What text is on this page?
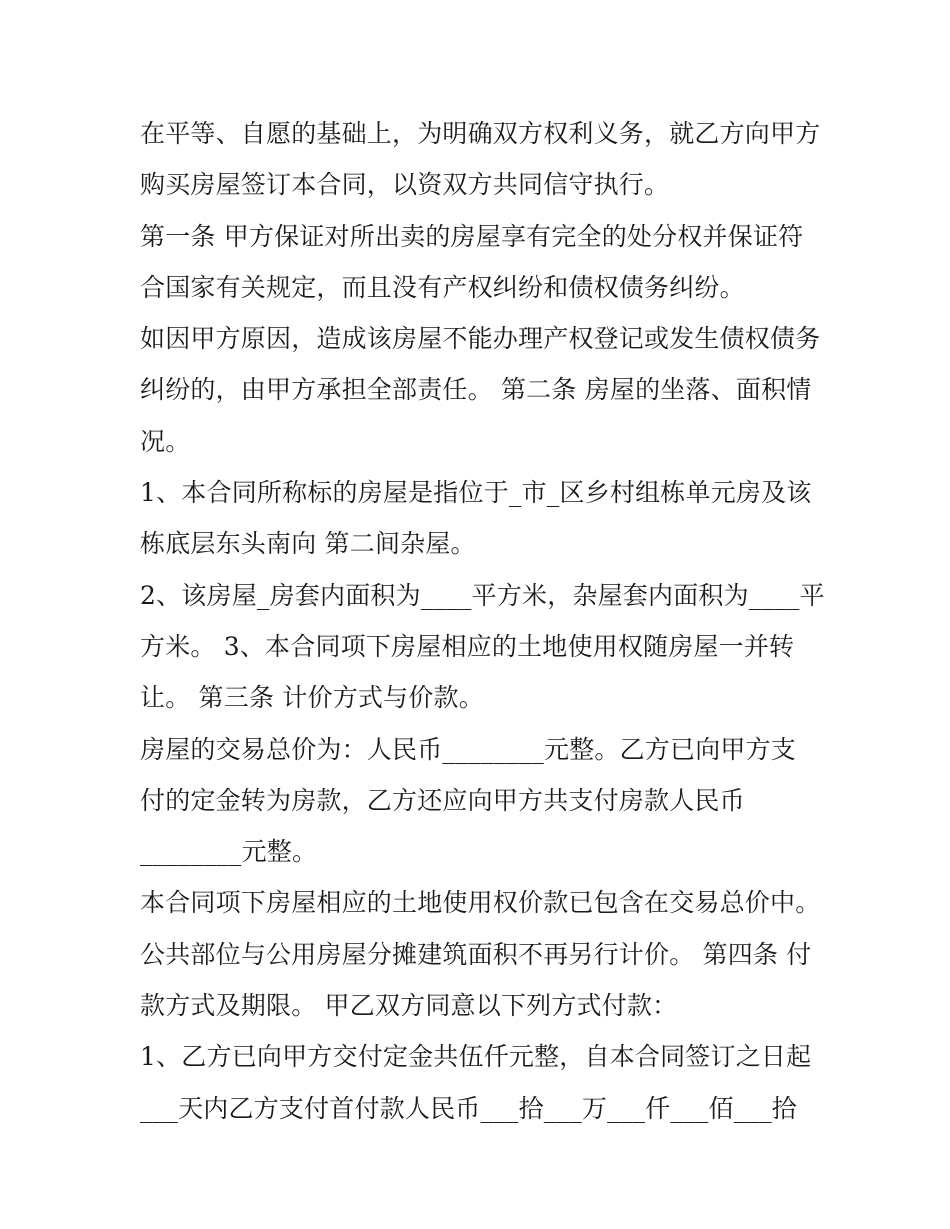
在平等、自愿的基础上，为明确双方权利义务，就乙方向甲方
购买房屋签订本合同，以资双方共同信守执行。
第一条 甲方保证对所出卖的房屋享有完全的处分权并保证符
合国家有关规定，而且没有产权纠纷和债权债务纠纷。
如因甲方原因，造成该房屋不能办理产权登记或发生债权债务
纠纷的，由甲方承担全部责任。 第二条 房屋的坐落、面积情
况。
1、本合同所称标的房屋是指位于_市_区乡村组栋单元房及该
栋底层东头南向 第二间杂屋。
2、该房屋_房套内面积为____平方米，杂屋套内面积为____平
方米。 3、本合同项下房屋相应的土地使用权随房屋一并转
让。 第三条 计价方式与价款。
房屋的交易总价为：人民币________元整。乙方已向甲方支
付的定金转为房款，乙方还应向甲方共支付房款人民币
________元整。
本合同项下房屋相应的土地使用权价款已包含在交易总价中。
公共部位与公用房屋分摊建筑面积不再另行计价。 第四条 付
款方式及期限。 甲乙双方同意以下列方式付款：
1、乙方已向甲方交付定金共伍仟元整，自本合同签订之日起
___天内乙方支付首付款人民币___拾___万___仟___佰___拾
